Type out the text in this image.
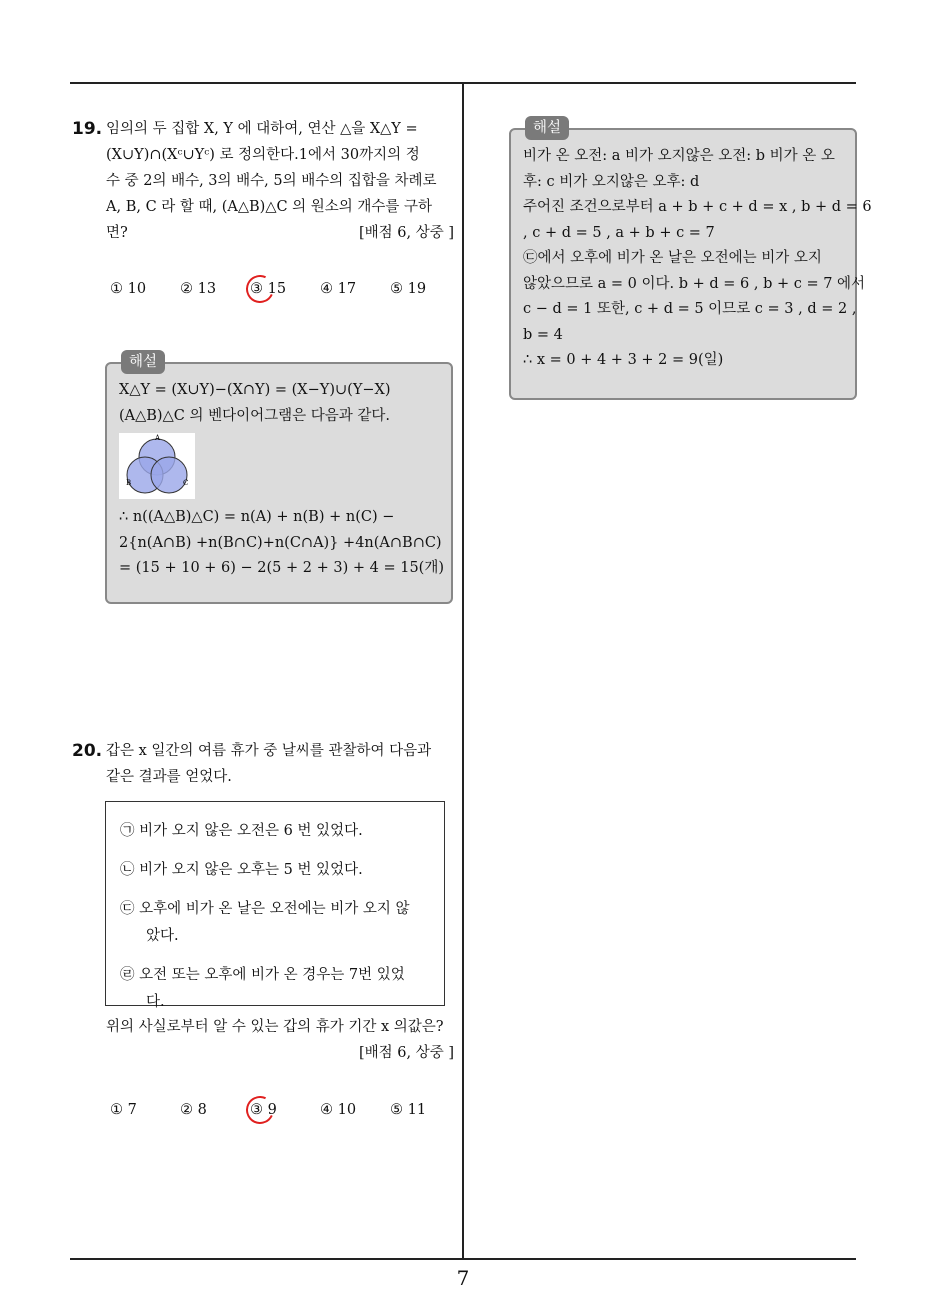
19. 임의의 두 집합 X, Y 에 대하여, 연산 △을 X△Y =
(X∪Y)∩(Xᶜ∪Yᶜ) 로 정의한다.1에서 30까지의 정
수 중 2의 배수, 3의 배수, 5의 배수의 집합을 차례로
A, B, C 라 할 때, (A△B)△C 의 원소의 개수를 구하
면?	[배점 6, 상중 ]
① 10	② 13	③ 15	④ 17	⑤ 19
해설
X△Y = (X∪Y)−(X∩Y) = (X−Y)∪(Y−X)
(A△B)△C 의 벤다이어그램은 다음과 같다.
A
B	C
∴ n((A△B)△C) = n(A) + n(B) + n(C) −
2{n(A∩B) +n(B∩C)+n(C∩A)} +4n(A∩B∩C)
= (15 + 10 + 6) − 2(5 + 2 + 3) + 4 = 15(개)
20. 갑은 x 일간의 여름 휴가 중 날씨를 관찰하여 다음과
같은 결과를 얻었다.
㉠ 비가 오지 않은 오전은 6 번 있었다.
㉡ 비가 오지 않은 오후는 5 번 있었다.
㉢ 오후에 비가 온 날은 오전에는 비가 오지 않았다.
㉣ 오전 또는 오후에 비가 온 경우는 7번 있었다.
위의 사실로부터 알 수 있는 갑의 휴가 기간 x 의값은?
[배점 6, 상중 ]
① 7	② 8	③ 9	④ 10	⑤ 11
해설
비가 온 오전: a 비가 오지않은 오전: b 비가 온 오
후: c 비가 오지않은 오후: d
주어진 조건으로부터 a + b + c + d = x , b + d = 6
, c + d = 5 , a + b + c = 7
㉢에서 오후에 비가 온 날은 오전에는 비가 오지
않았으므로 a = 0 이다. b + d = 6 , b + c = 7 에서
c − d = 1 또한, c + d = 5 이므로 c = 3 , d = 2 ,
b = 4
∴ x = 0 + 4 + 3 + 2 = 9(일)
7
